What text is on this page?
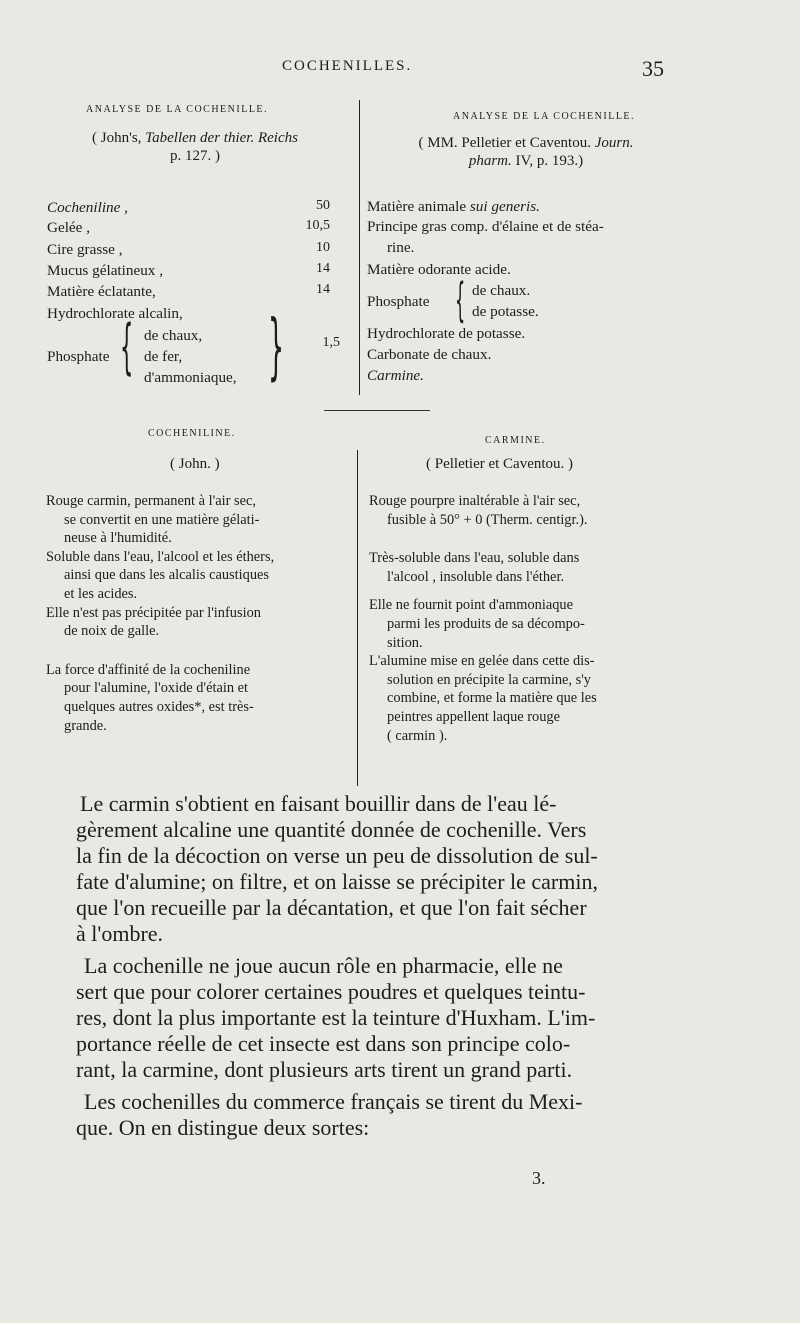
COCHENILLES.	35
ANALYSE DE LA COCHENILLE.
ANALYSE DE LA COCHENILLE.
( John's, Tabellen der thier. Reichs
p. 127. )
( MM. Pelletier et Caventou. Journ.
pharm. IV, p. 193.)
Cocheniline ,	50
Gelée ,	10,5
Cire grasse ,	10
Mucus gélatineux ,	14
Matière éclatante,	14
Hydrochlorate alcalin,
Phosphate { de chaux,
de fer,
d'ammoniaque, }	1,5
Matière animale sui generis.
Principe gras comp. d'élaine et de stéa-
rine.
Matière odorante acide.
Phosphate { de chaux.
de potasse.
Hydrochlorate de potasse.
Carbonate de chaux.
Carmine.
COCHENILINE.
CARMINE.
( John. )	( Pelletier et Caventou. )
Rouge carmin, permanent à l'air sec,
se convertit en une matière gélati-
neuse à l'humidité.
Soluble dans l'eau, l'alcool et les éthers,
ainsi que dans les alcalis caustiques
et les acides.
Elle n'est pas précipitée par l'infusion
de noix de galle.
La force d'affinité de la cocheniline
pour l'alumine, l'oxide d'étain et
quelques autres oxides*, est très-
grande.
Rouge pourpre inaltérable à l'air sec,
fusible à 50° + 0 (Therm. centigr.).
Très-soluble dans l'eau, soluble dans
l'alcool , insoluble dans l'éther.
Elle ne fournit point d'ammoniaque
parmi les produits de sa décompo-
sition.
L'alumine mise en gelée dans cette dis-
solution en précipite la carmine, s'y
combine, et forme la matière que les
peintres appellent laque rouge
( carmin ).
Le carmin s'obtient en faisant bouillir dans de l'eau lé-
gèrement alcaline une quantité donnée de cochenille. Vers
la fin de la décoction on verse un peu de dissolution de sul-
fate d'alumine; on filtre, et on laisse se précipiter le carmin,
que l'on recueille par la décantation, et que l'on fait sécher
à l'ombre.
La cochenille ne joue aucun rôle en pharmacie, elle ne
sert que pour colorer certaines poudres et quelques teintu-
res, dont la plus importante est la teinture d'Huxham. L'im-
portance réelle de cet insecte est dans son principe colo-
rant, la carmine, dont plusieurs arts tirent un grand parti.
Les cochenilles du commerce français se tirent du Mexi-
que. On en distingue deux sortes:
3.
